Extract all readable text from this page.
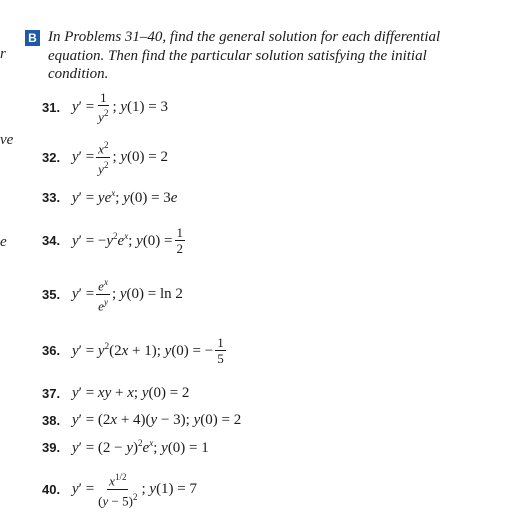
r
ve
e
B In Problems 31–40, find the general solution for each differential equation. Then find the particular solution satisfying the initial condition.
31. $y' = \frac{1}{y^2}$ ; y(1) = 3
32. $y' = \frac{x^2}{y^2}$ ; y(0) = 2
33. $y' = ye^x$; y(0) = 3e
34. $y' = -y^2e^x$; $y(0) = \frac{1}{2}$
35. $y' = \frac{e^x}{e^y}$ ; y(0) = ln 2
36. $y' = y^2(2x + 1)$; y(0) = − $\frac{1}{5}$
37. y′ = xy + x; y(0) = 2
38. y′ = (2x + 4)(y − 3); y(0) = 2
39. $y' = (2 - y)^2e^x$; y(0) = 1
40. $y' = \frac{x^{1/2}}{(y - 5)^2}$ ; y(1) = 7
